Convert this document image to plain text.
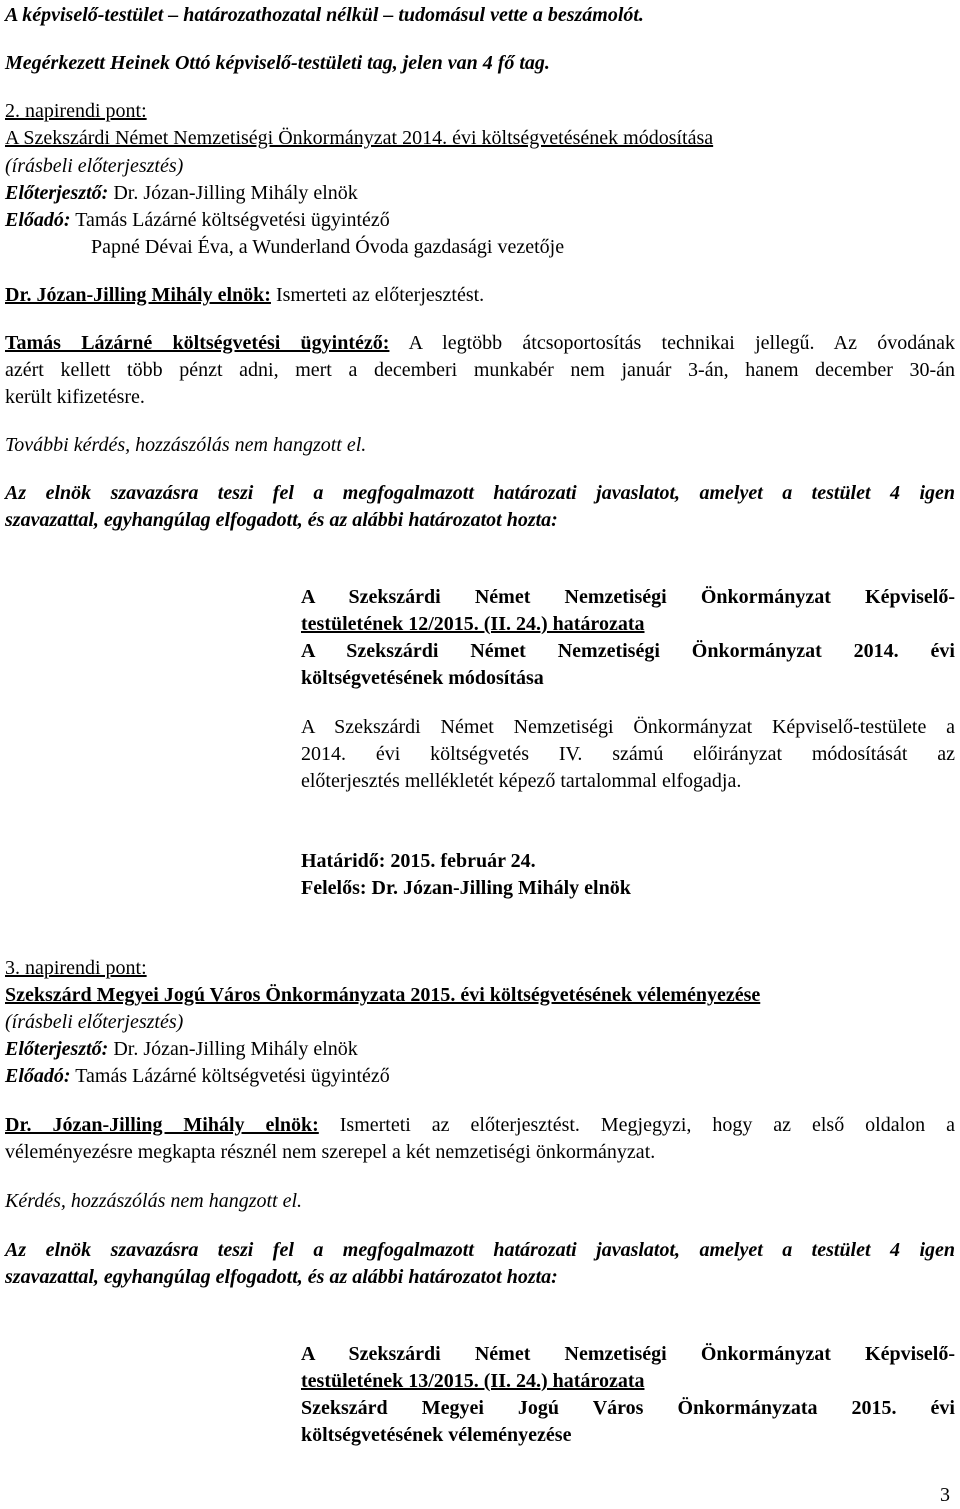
A képviselő-testület – határozathozatal nélkül – tudomásul vette a beszámolót.
Megérkezett Heinek Ottó képviselő-testületi tag, jelen van 4 fő tag.
2. napirendi pont:
A Szekszárdi Német Nemzetiségi Önkormányzat 2014. évi költségvetésének módosítása
(írásbeli előterjesztés)
Előterjesztő: Dr. Józan-Jilling Mihály elnök
Előadó: Tamás Lázárné költségvetési ügyintéző
Papné Dévai Éva, a Wunderland Óvoda gazdasági vezetője
Dr. Józan-Jilling Mihály elnök: Ismerteti az előterjesztést.
Tamás Lázárné költségvetési ügyintéző: A legtöbb átcsoportosítás technikai jellegű. Az óvodának
azért kellett több pénzt adni, mert a decemberi munkabér nem január 3-án, hanem december 30-án
került kifizetésre.
További kérdés, hozzászólás nem hangzott el.
Az elnök szavazásra teszi fel a megfogalmazott határozati javaslatot, amelyet a testület 4 igen
szavazattal, egyhangúlag elfogadott, és az alábbi határozatot hozta:
A Szekszárdi Német Nemzetiségi Önkormányzat Képviselő-
testületének 12/2015. (II. 24.) határozata
A Szekszárdi Német Nemzetiségi Önkormányzat 2014. évi
költségvetésének módosítása
A Szekszárdi Német Nemzetiségi Önkormányzat Képviselő-testülete a
2014. évi költségvetés IV. számú előirányzat módosítását az
előterjesztés mellékletét képező tartalommal elfogadja.
Határidő: 2015. február 24.
Felelős: Dr. Józan-Jilling Mihály elnök
3. napirendi pont:
Szekszárd Megyei Jogú Város Önkormányzata 2015. évi költségvetésének véleményezése
(írásbeli előterjesztés)
Előterjesztő: Dr. Józan-Jilling Mihály elnök
Előadó: Tamás Lázárné költségvetési ügyintéző
Dr. Józan-Jilling Mihály elnök: Ismerteti az előterjesztést. Megjegyzi, hogy az első oldalon a
véleményezésre megkapta résznél nem szerepel a két nemzetiségi önkormányzat.
Kérdés, hozzászólás nem hangzott el.
Az elnök szavazásra teszi fel a megfogalmazott határozati javaslatot, amelyet a testület 4 igen
szavazattal, egyhangúlag elfogadott, és az alábbi határozatot hozta:
A Szekszárdi Német Nemzetiségi Önkormányzat Képviselő-
testületének 13/2015. (II. 24.) határozata
Szekszárd Megyei Jogú Város Önkormányzata 2015. évi
költségvetésének véleményezése
3
